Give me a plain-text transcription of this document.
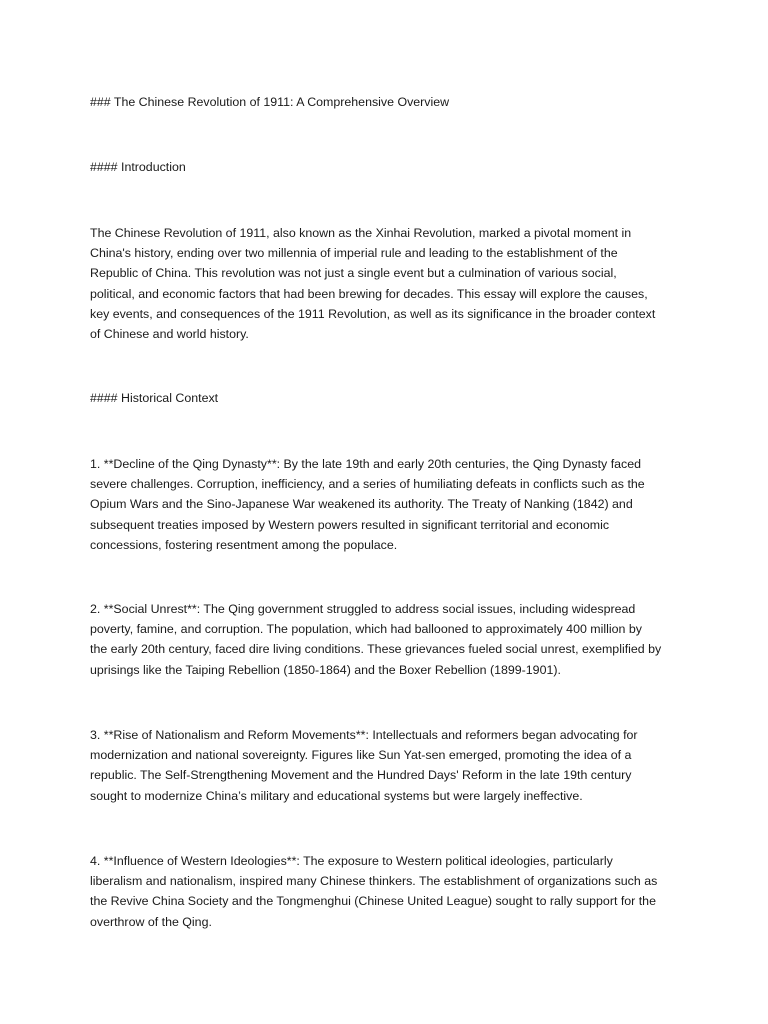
### The Chinese Revolution of 1911: A Comprehensive Overview
#### Introduction
The Chinese Revolution of 1911, also known as the Xinhai Revolution, marked a pivotal moment in
China's history, ending over two millennia of imperial rule and leading to the establishment of the
Republic of China. This revolution was not just a single event but a culmination of various social,
political, and economic factors that had been brewing for decades. This essay will explore the causes,
key events, and consequences of the 1911 Revolution, as well as its significance in the broader context
of Chinese and world history.
#### Historical Context
1. **Decline of the Qing Dynasty**: By the late 19th and early 20th centuries, the Qing Dynasty faced
severe challenges. Corruption, inefficiency, and a series of humiliating defeats in conflicts such as the
Opium Wars and the Sino-Japanese War weakened its authority. The Treaty of Nanking (1842) and
subsequent treaties imposed by Western powers resulted in significant territorial and economic
concessions, fostering resentment among the populace.
2. **Social Unrest**: The Qing government struggled to address social issues, including widespread
poverty, famine, and corruption. The population, which had ballooned to approximately 400 million by
the early 20th century, faced dire living conditions. These grievances fueled social unrest, exemplified by
uprisings like the Taiping Rebellion (1850-1864) and the Boxer Rebellion (1899-1901).
3. **Rise of Nationalism and Reform Movements**: Intellectuals and reformers began advocating for
modernization and national sovereignty. Figures like Sun Yat-sen emerged, promoting the idea of a
republic. The Self-Strengthening Movement and the Hundred Days' Reform in the late 19th century
sought to modernize China’s military and educational systems but were largely ineffective.
4. **Influence of Western Ideologies**: The exposure to Western political ideologies, particularly
liberalism and nationalism, inspired many Chinese thinkers. The establishment of organizations such as
the Revive China Society and the Tongmenghui (Chinese United League) sought to rally support for the
overthrow of the Qing.
